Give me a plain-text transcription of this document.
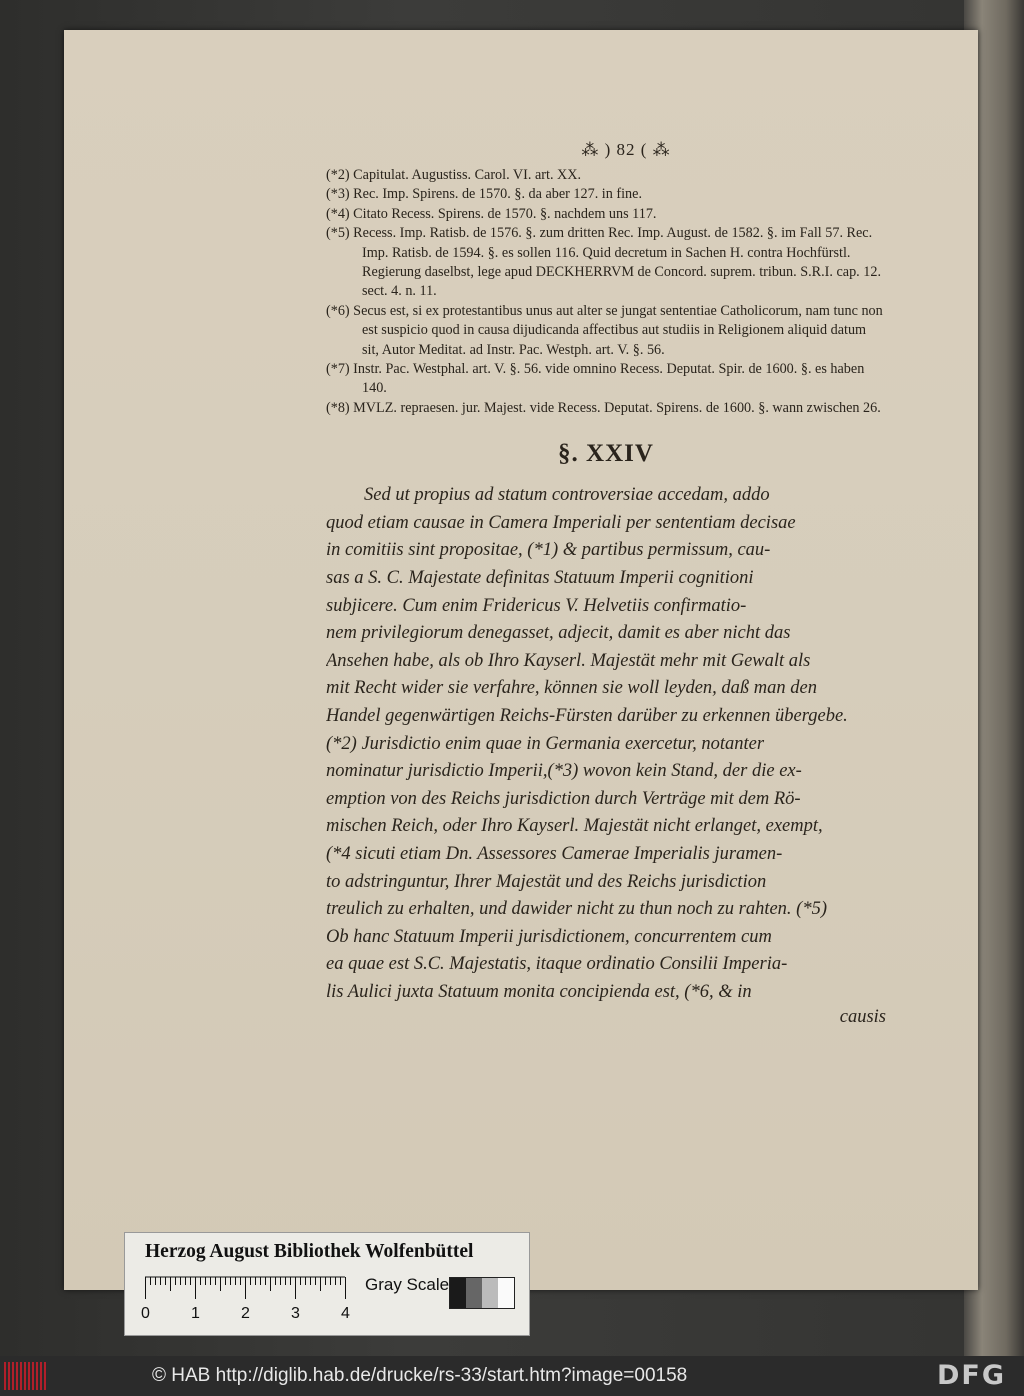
⁂ ) 82 ( ⁂
(*2) Capitulat. Augustiss. Carol. VI. art. XX.
(*3) Rec. Imp. Spirens. de 1570. §. da aber 127. in fine.
(*4) Citato Recess. Spirens. de 1570. §. nachdem uns 117.
(*5) Recess. Imp. Ratisb. de 1576. §. zum dritten Rec. Imp. August. de 1582. §. im Fall 57. Rec. Imp. Ratisb. de 1594. §. es sollen 116. Quid decretum in Sachen H. contra Hochfürstl. Regierung daselbst, lege apud DECKHERRVM de Concord. suprem. tribun. S.R.I. cap. 12. sect. 4. n. 11.
(*6) Secus est, si ex protestantibus unus aut alter se jungat sententiae Catholicorum, nam tunc non est suspicio quod in causa dijudicanda affectibus aut studiis in Religionem aliquid datum sit, Autor Meditat. ad Instr. Pac. Westph. art. V. §. 56.
(*7) Instr. Pac. Westphal. art. V. §. 56. vide omnino Recess. Deputat. Spir. de 1600. §. es haben 140.
(*8) MVLZ. repraesen. jur. Majest. vide Recess. Deputat. Spirens. de 1600. §. wann zwischen 26.
§. XXIV
Sed ut propius ad statum controversiae accedam, addo
quod etiam causae in Camera Imperiali per sententiam decisae
in comitiis sint propositae, (*1) & partibus permissum, cau-
sas a S. C. Majestate definitas Statuum Imperii cognitioni
subjicere. Cum enim Fridericus V. Helvetiis confirmatio-
nem privilegiorum denegasset, adjecit, damit es aber nicht das
Ansehen habe, als ob Ihro Kayserl. Majestät mehr mit Gewalt als
mit Recht wider sie verfahre, können sie woll leyden, daß man den
Handel gegenwärtigen Reichs-Fürsten darüber zu erkennen übergebe.
(*2) Jurisdictio enim quae in Germania exercetur, notanter
nominatur jurisdictio Imperii,(*3) wovon kein Stand, der die ex-
emption von des Reichs jurisdiction durch Verträge mit dem Rö-
mischen Reich, oder Ihro Kayserl. Majestät nicht erlanget, exempt,
(*4 sicuti etiam Dn. Assessores Camerae Imperialis juramen-
to adstringuntur, Ihrer Majestät und des Reichs jurisdiction
treulich zu erhalten, und dawider nicht zu thun noch zu rahten. (*5)
Ob hanc Statuum Imperii jurisdictionem, concurrentem cum
ea quae est S.C. Majestatis, itaque ordinatio Consilii Imperia-
lis Aulici juxta Statuum monita concipienda est, (*6, & in
causis
Herzog August Bibliothek Wolfenbüttel
0	1	2	3	4
Gray Scale
© HAB http://diglib.hab.de/drucke/rs-33/start.htm?image=00158	DFG
